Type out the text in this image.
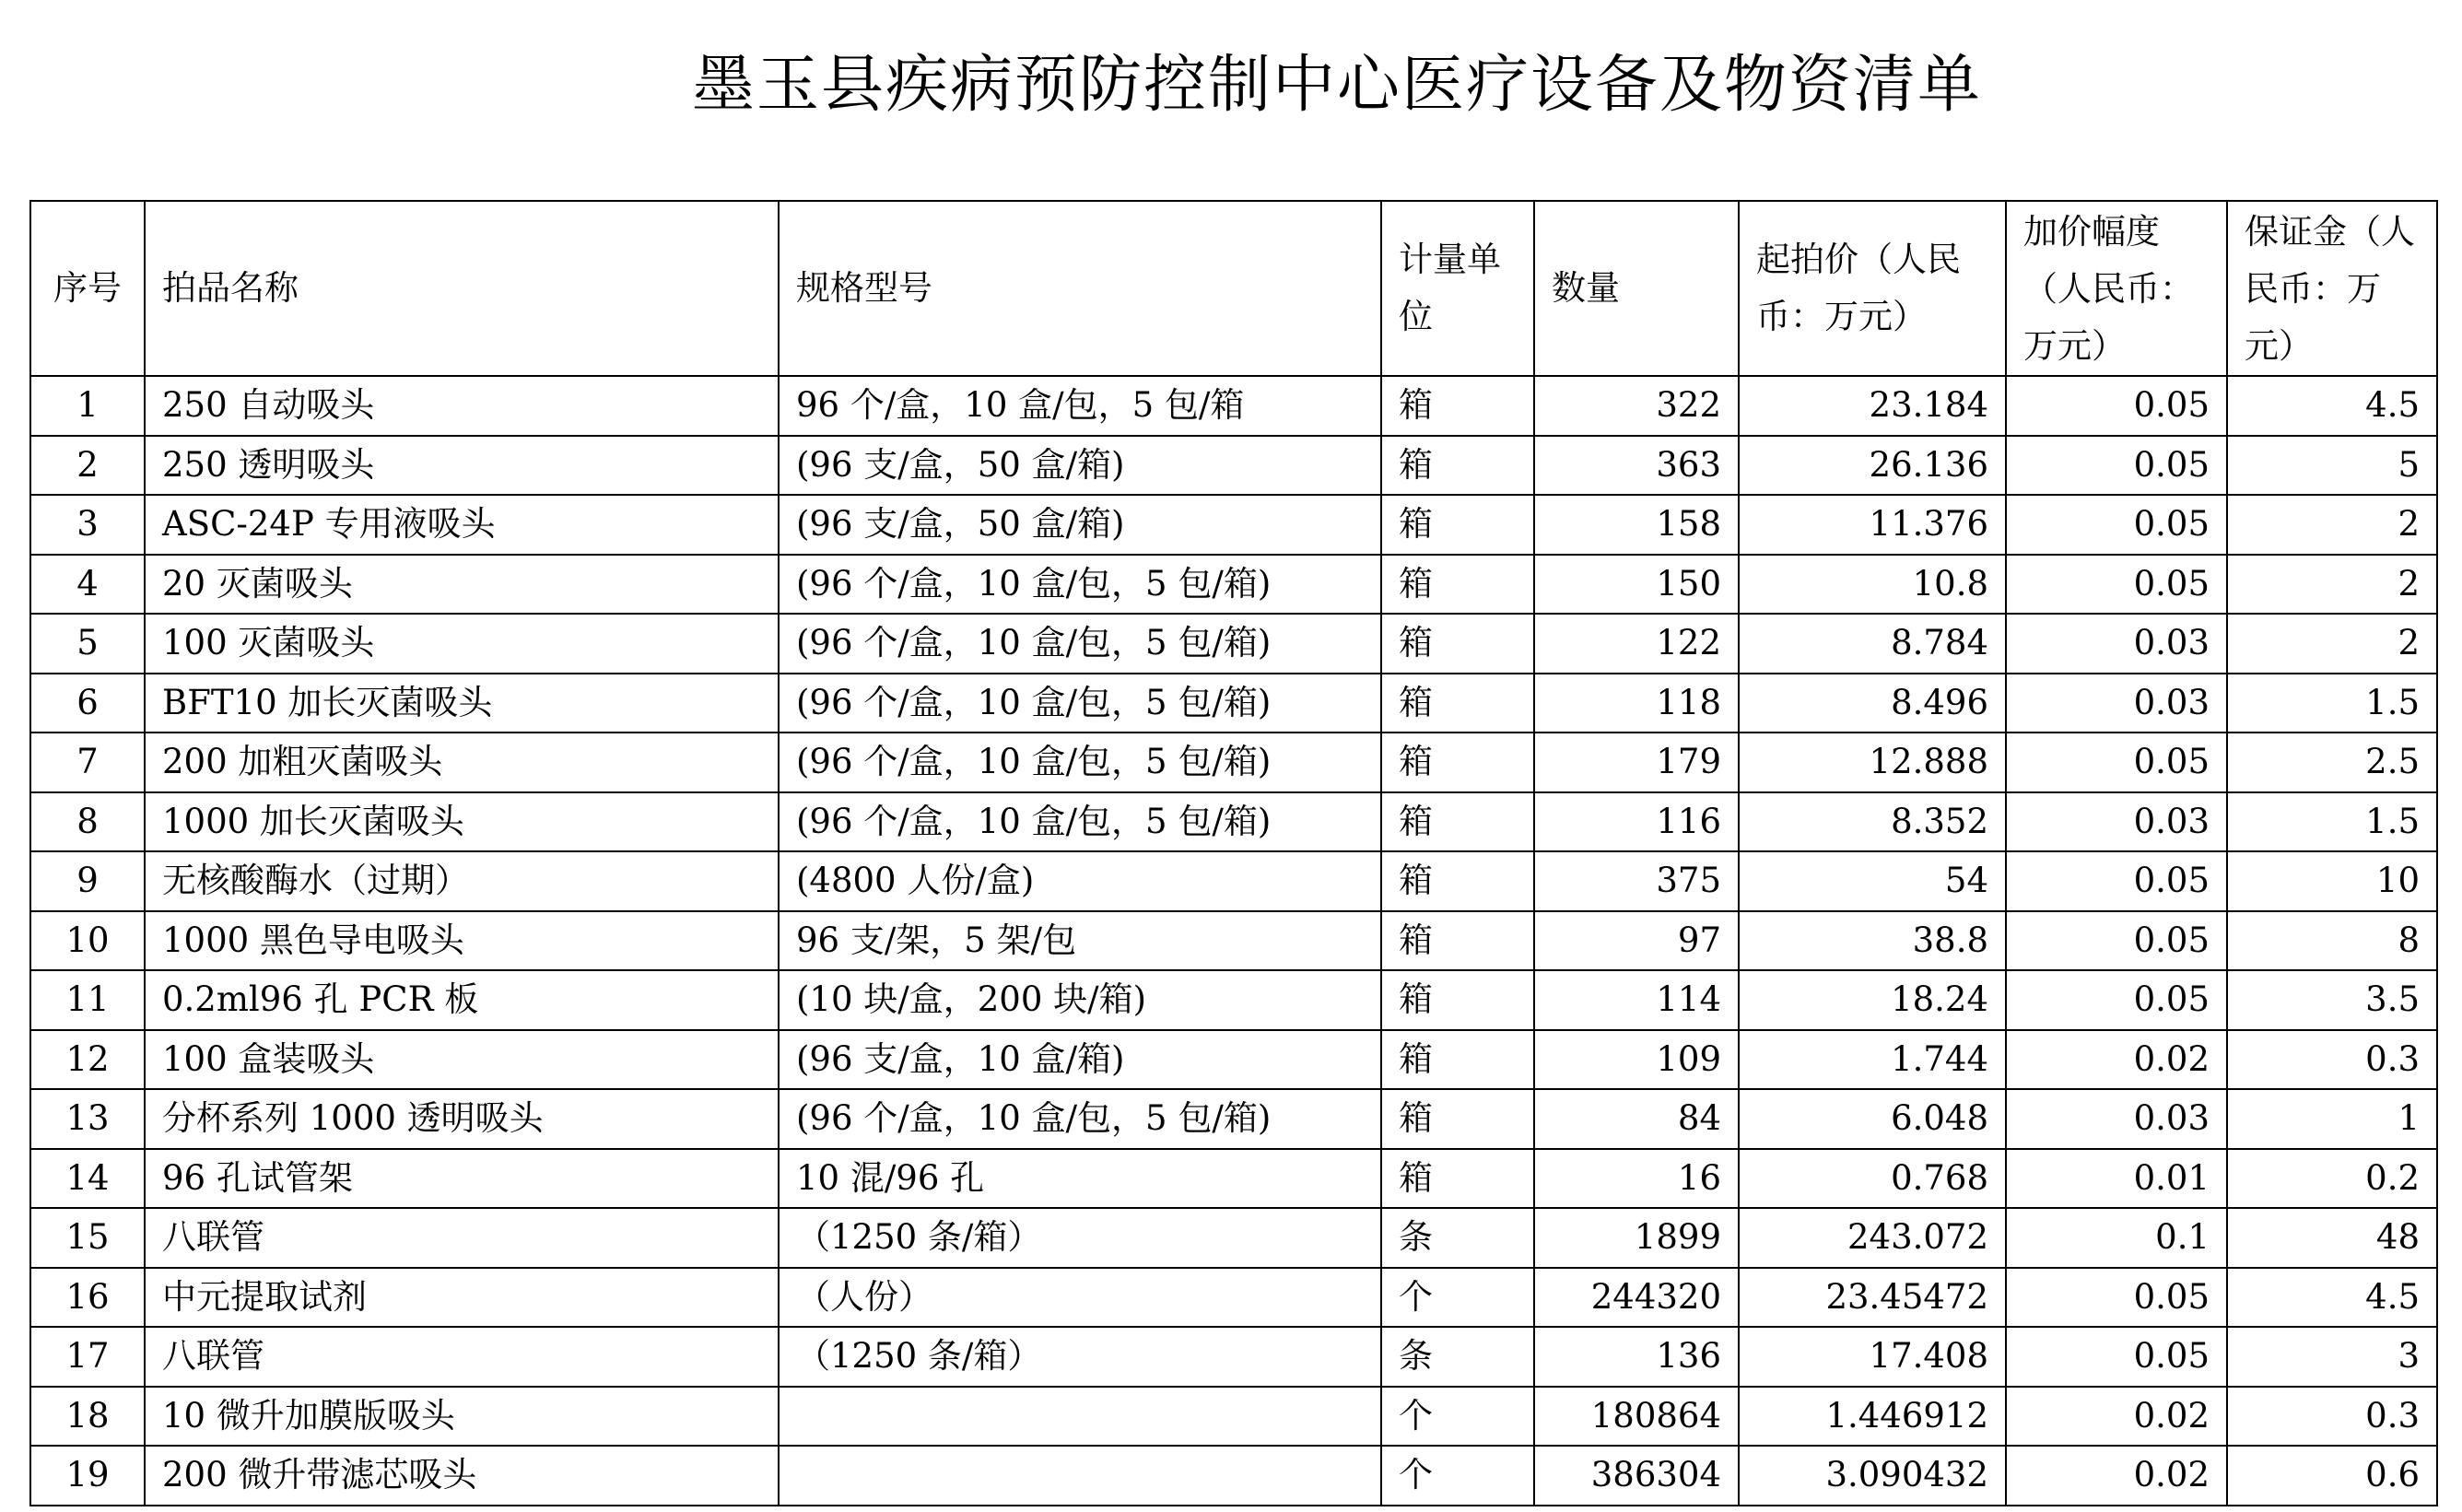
墨玉县疾病预防控制中心医疗设备及物资清单
序号	拍品名称	规格型号	计量单位	数量	起拍价（人民币：万元）	加价幅度（人民币：万元）	保证金（人民币：万元）
1	250 自动吸头	96 个/盒，10 盒/包，5 包/箱	箱	322	23.184	0.05	4.5
2	250 透明吸头	(96 支/盒，50 盒/箱)	箱	363	26.136	0.05	5
3	ASC-24P 专用液吸头	(96 支/盒，50 盒/箱)	箱	158	11.376	0.05	2
4	20 灭菌吸头	(96 个/盒，10 盒/包，5 包/箱)	箱	150	10.8	0.05	2
5	100 灭菌吸头	(96 个/盒，10 盒/包，5 包/箱)	箱	122	8.784	0.03	2
6	BFT10 加长灭菌吸头	(96 个/盒，10 盒/包，5 包/箱)	箱	118	8.496	0.03	1.5
7	200 加粗灭菌吸头	(96 个/盒，10 盒/包，5 包/箱)	箱	179	12.888	0.05	2.5
8	1000 加长灭菌吸头	(96 个/盒，10 盒/包，5 包/箱)	箱	116	8.352	0.03	1.5
9	无核酸酶水（过期）	(4800 人份/盒)	箱	375	54	0.05	10
10	1000 黑色导电吸头	96 支/架，5 架/包	箱	97	38.8	0.05	8
11	0.2ml96 孔 PCR 板	(10 块/盒，200 块/箱)	箱	114	18.24	0.05	3.5
12	100 盒装吸头	(96 支/盒，10 盒/箱)	箱	109	1.744	0.02	0.3
13	分杯系列 1000 透明吸头	(96 个/盒，10 盒/包，5 包/箱)	箱	84	6.048	0.03	1
14	96 孔试管架	10 混/96 孔	箱	16	0.768	0.01	0.2
15	八联管	（1250 条/箱）	条	1899	243.072	0.1	48
16	中元提取试剂	（人份）	个	244320	23.45472	0.05	4.5
17	八联管	（1250 条/箱）	条	136	17.408	0.05	3
18	10 微升加膜版吸头		个	180864	1.446912	0.02	0.3
19	200 微升带滤芯吸头		个	386304	3.090432	0.02	0.6
